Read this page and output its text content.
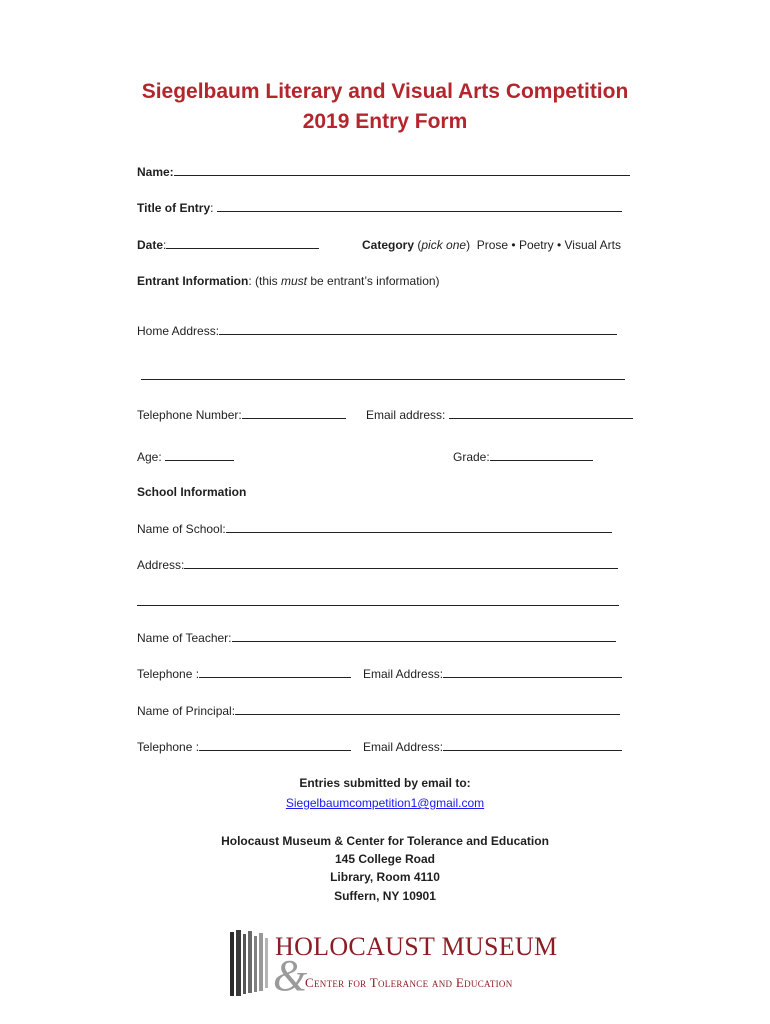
Siegelbaum Literary and Visual Arts Competition
2019 Entry Form
Name:
Title of Entry:
Date:	Category (pick one) Prose • Poetry • Visual Arts
Entrant Information: (this must be entrant’s information)
Home Address:
Telephone Number:	Email address:
Age:	Grade:
School Information
Name of School:
Address:
Name of Teacher:
Telephone :	Email Address:
Name of Principal:
Telephone :	Email Address:
Entries submitted by email to:
Siegelbaumcompetition1@gmail.com
Holocaust Museum & Center for Tolerance and Education
145 College Road
Library, Room 4110
Suffern, NY 10901
HOLOCAUST MUSEUM
&
Center for Tolerance and Education
